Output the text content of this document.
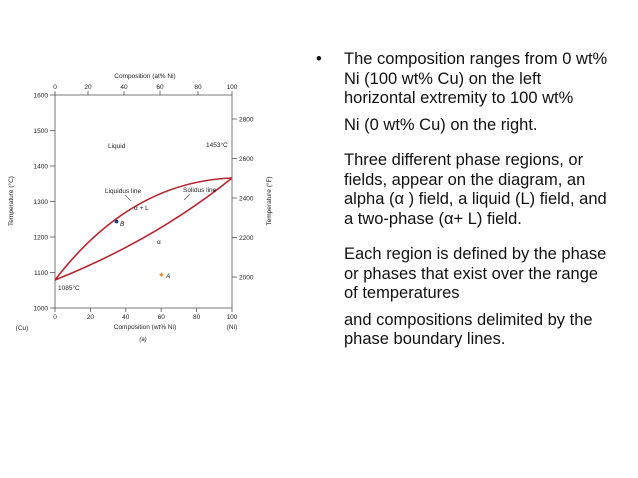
1000
1100
1200
1300
1400
1500
1600
2000
2200
2400
2600
2800
0	20	40	60	80	100
0	20	40	60	80	100
Composition (at% Ni)
Composition (wt% Ni)
(Cu)	(Ni)
(a)
Temperature (°C)	Temperature (°F)
Liquid	1453°C
Liquidus line	Solidus line
α + L
α
1085°C
B
✦ A
•	The composition ranges from 0 wt% Ni (100 wt% Cu) on the left horizontal extremity to 100 wt%

Ni (0 wt% Cu) on the right.

Three different phase regions, or fields, appear on the diagram, an alpha (α ) field, a liquid (L) field, and a two-phase (α+ L) field.

Each region is defined by the phase or phases that exist over the range of temperatures

and compositions delimited by the phase boundary lines.
